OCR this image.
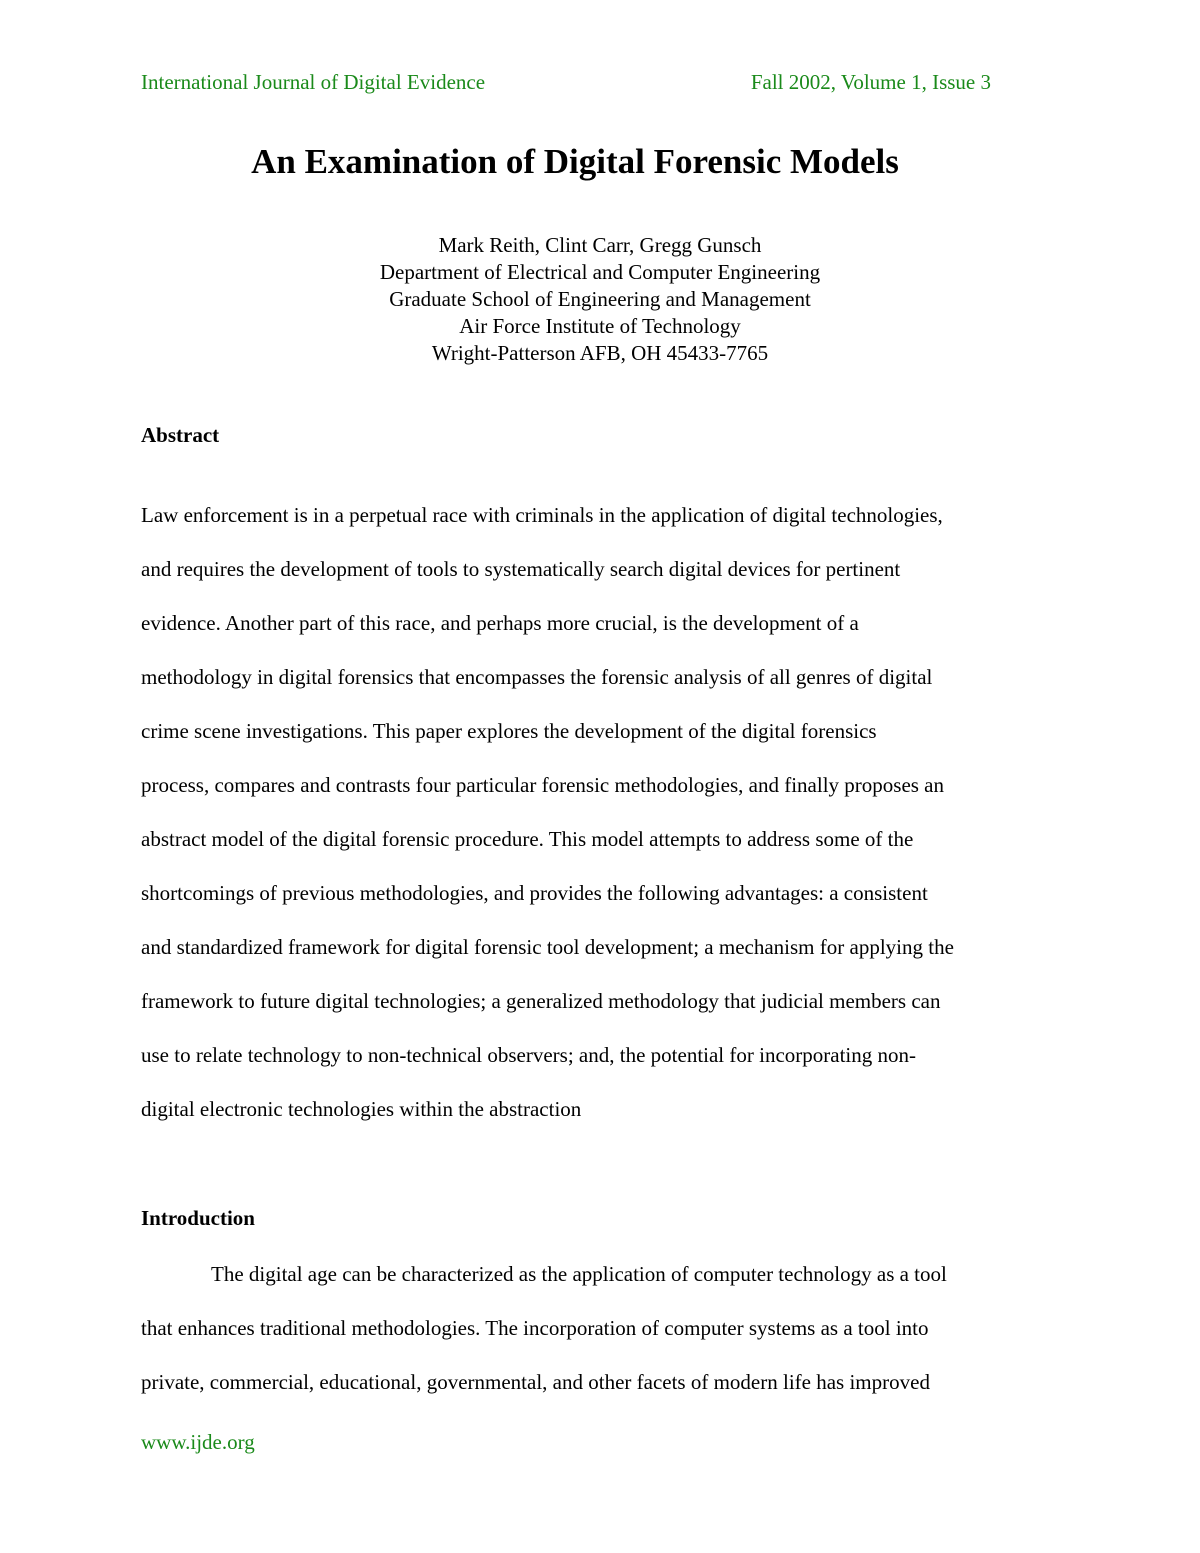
International Journal of Digital Evidence	Fall 2002, Volume 1, Issue 3
An Examination of Digital Forensic Models
Mark Reith, Clint Carr, Gregg Gunsch
Department of Electrical and Computer Engineering
Graduate School of Engineering and Management
Air Force Institute of Technology
Wright-Patterson AFB, OH 45433-7765
Abstract
Law enforcement is in a perpetual race with criminals in the application of digital technologies,
and requires the development of tools to systematically search digital devices for pertinent
evidence. Another part of this race, and perhaps more crucial, is the development of a
methodology in digital forensics that encompasses the forensic analysis of all genres of digital
crime scene investigations. This paper explores the development of the digital forensics
process, compares and contrasts four particular forensic methodologies, and finally proposes an
abstract model of the digital forensic procedure. This model attempts to address some of the
shortcomings of previous methodologies, and provides the following advantages: a consistent
and standardized framework for digital forensic tool development; a mechanism for applying the
framework to future digital technologies; a generalized methodology that judicial members can
use to relate technology to non-technical observers; and, the potential for incorporating non-
digital electronic technologies within the abstraction
Introduction
The digital age can be characterized as the application of computer technology as a tool
that enhances traditional methodologies. The incorporation of computer systems as a tool into
private, commercial, educational, governmental, and other facets of modern life has improved
www.ijde.org
